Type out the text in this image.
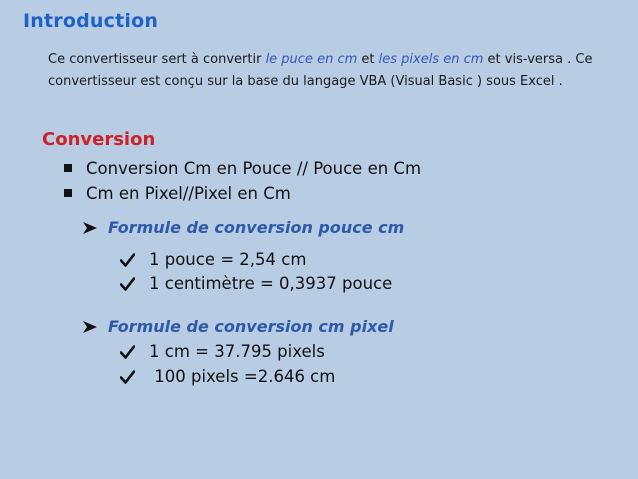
Introduction
Ce convertisseur sert à convertir le puce en cm et les pixels en cm et vis-versa . Ce convertisseur est conçu sur la base du langage VBA (Visual Basic ) sous Excel .
Conversion
Conversion Cm en Pouce // Pouce en Cm
Cm en Pixel//Pixel en Cm
Formule de conversion pouce cm
1 pouce = 2,54 cm
1 centimètre = 0,3937 pouce
Formule de conversion cm pixel
1 cm = 37.795 pixels
100 pixels =2.646 cm
